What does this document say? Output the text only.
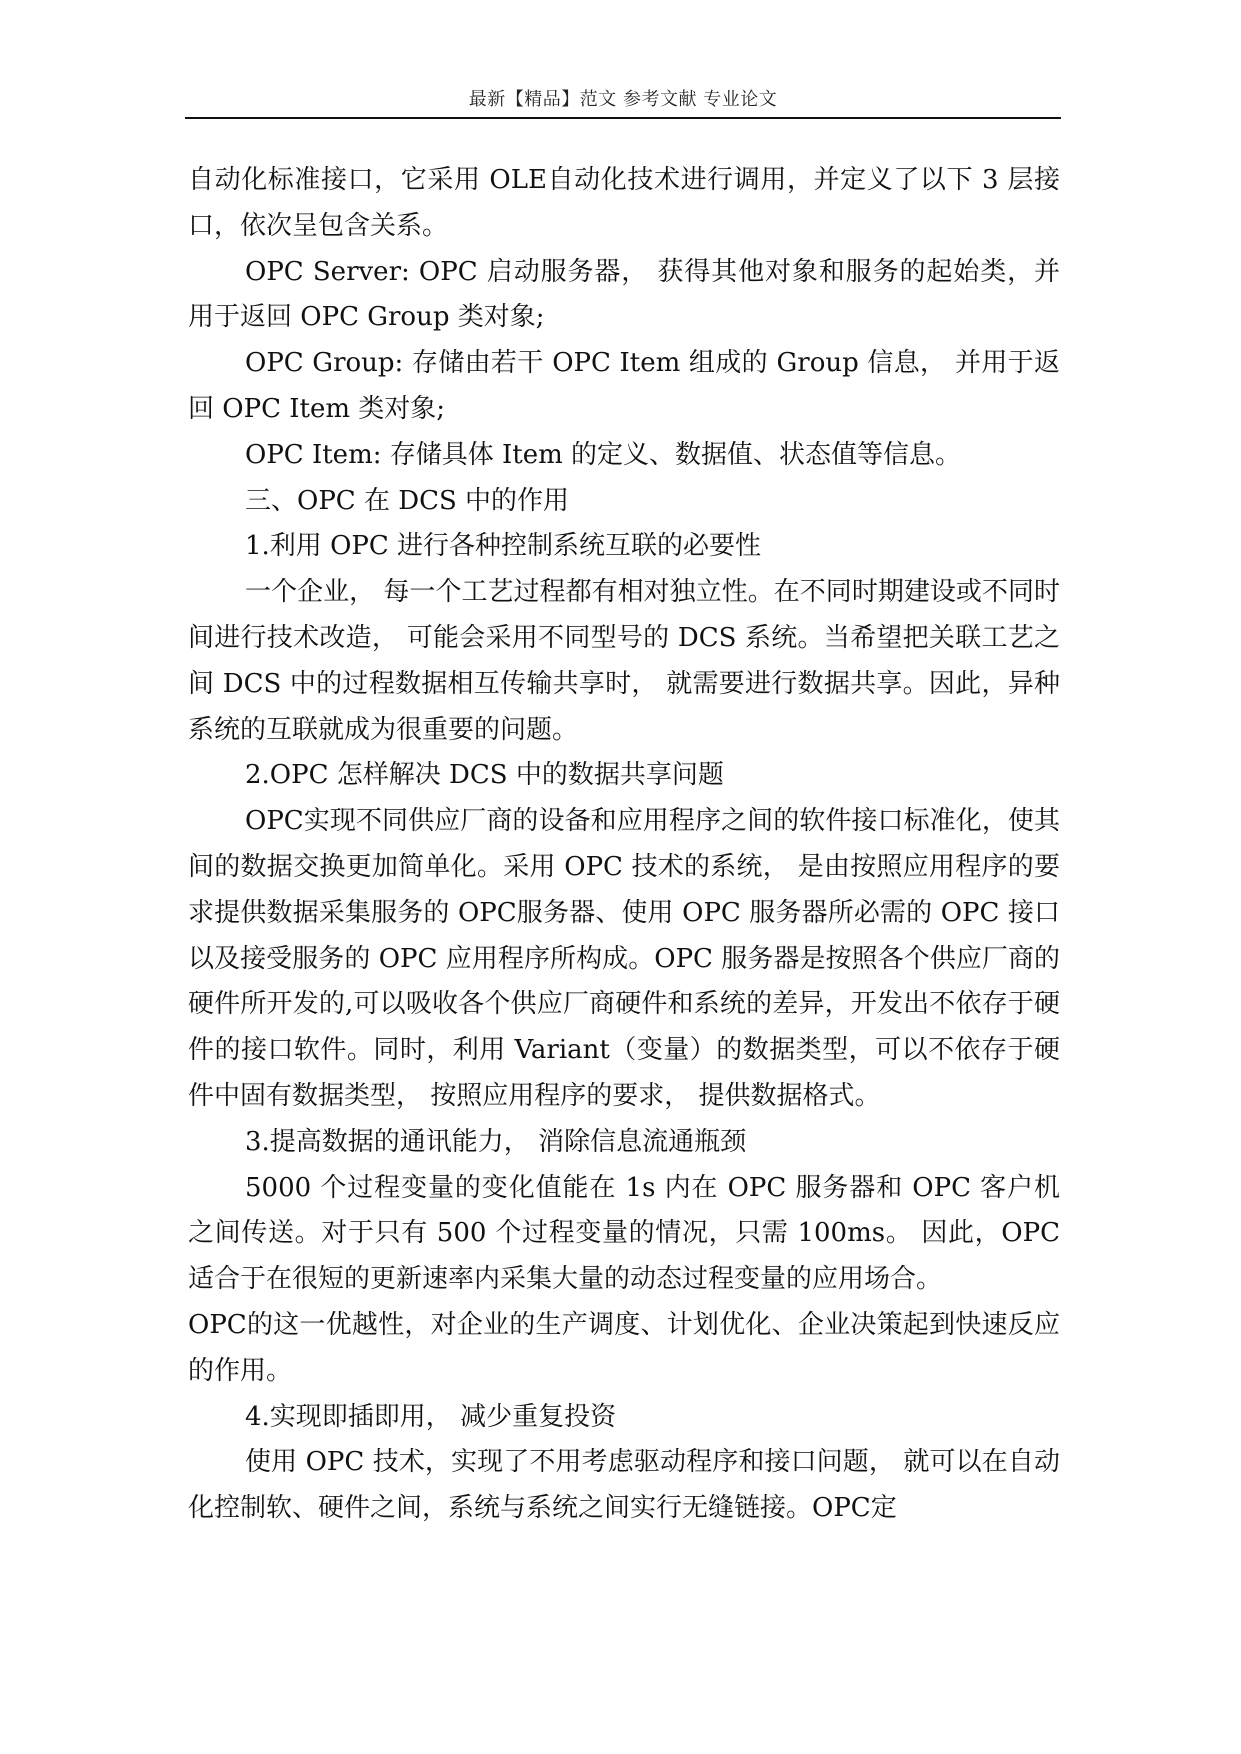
最新【精品】范文 参考文献 专业论文

自动化标准接口，它采用 OLE自动化技术进行调用，并定义了以下 3 层接口，依次呈包含关系。

OPC Server: OPC 启动服务器， 获得其他对象和服务的起始类，并用于返回 OPC Group 类对象;

OPC Group: 存储由若干 OPC Item 组成的 Group 信息， 并用于返回 OPC Item 类对象;

OPC Item: 存储具体 Item 的定义、数据值、状态值等信息。

三、OPC 在 DCS 中的作用

1.利用 OPC 进行各种控制系统互联的必要性

一个企业， 每一个工艺过程都有相对独立性。在不同时期建设或不同时间进行技术改造， 可能会采用不同型号的 DCS 系统。当希望把关联工艺之间 DCS 中的过程数据相互传输共享时， 就需要进行数据共享。因此，异种系统的互联就成为很重要的问题。

2.OPC 怎样解决 DCS 中的数据共享问题

OPC实现不同供应厂商的设备和应用程序之间的软件接口标准化，使其间的数据交换更加简单化。采用 OPC 技术的系统， 是由按照应用程序的要求提供数据采集服务的 OPC服务器、使用 OPC 服务器所必需的 OPC 接口以及接受服务的 OPC 应用程序所构成。OPC 服务器是按照各个供应厂商的硬件所开发的,可以吸收各个供应厂商硬件和系统的差异，开发出不依存于硬件的接口软件。同时，利用 Variant（变量）的数据类型，可以不依存于硬件中固有数据类型， 按照应用程序的要求， 提供数据格式。

3.提高数据的通讯能力， 消除信息流通瓶颈

5000 个过程变量的变化值能在 1s 内在 OPC 服务器和 OPC 客户机之间传送。对于只有 500 个过程变量的情况，只需 100ms。 因此，OPC 适合于在很短的更新速率内采集大量的动态过程变量的应用场合。

OPC的这一优越性，对企业的生产调度、计划优化、企业决策起到快速反应的作用。

4.实现即插即用， 减少重复投资

使用 OPC 技术，实现了不用考虑驱动程序和接口问题， 就可以在自动化控制软、硬件之间，系统与系统之间实行无缝链接。OPC定
